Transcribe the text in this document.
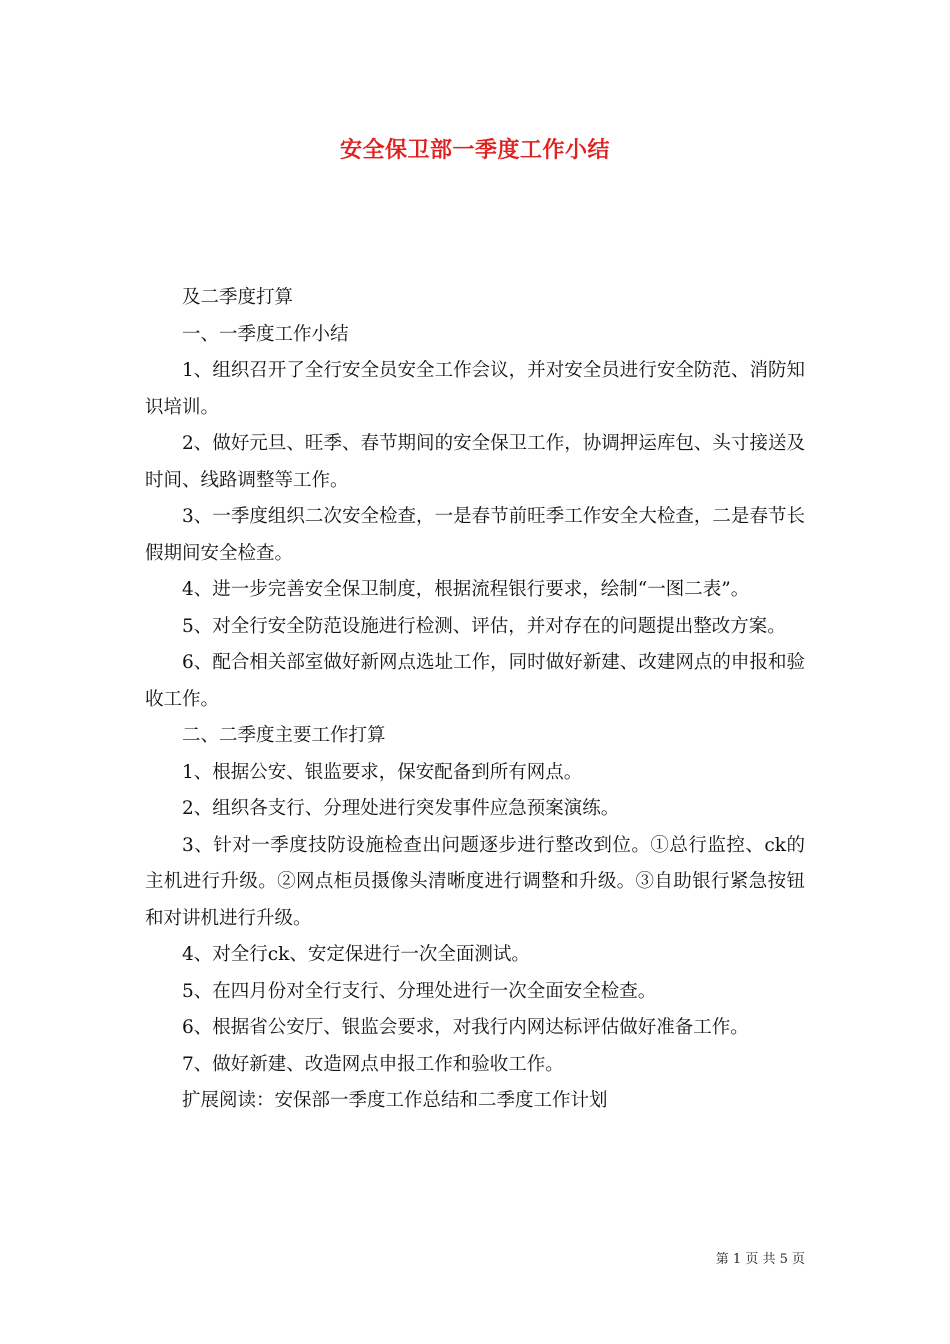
安全保卫部一季度工作小结

及二季度打算

一、一季度工作小结

1、组织召开了全行安全员安全工作会议，并对安全员进行安全防范、消防知识培训。

2、做好元旦、旺季、春节期间的安全保卫工作，协调押运库包、头寸接送及时间、线路调整等工作。

3、一季度组织二次安全检查，一是春节前旺季工作安全大检查，二是春节长假期间安全检查。

4、进一步完善安全保卫制度，根据流程银行要求，绘制“一图二表”。

5、对全行安全防范设施进行检测、评估，并对存在的问题提出整改方案。

6、配合相关部室做好新网点选址工作，同时做好新建、改建网点的申报和验收工作。

二、二季度主要工作打算

1、根据公安、银监要求，保安配备到所有网点。

2、组织各支行、分理处进行突发事件应急预案演练。

3、针对一季度技防设施检查出问题逐步进行整改到位。①总行监控、ck的主机进行升级。②网点柜员摄像头清晰度进行调整和升级。③自助银行紧急按钮和对讲机进行升级。

4、对全行ck、安定保进行一次全面测试。

5、在四月份对全行支行、分理处进行一次全面安全检查。

6、根据省公安厅、银监会要求，对我行内网达标评估做好准备工作。

7、做好新建、改造网点申报工作和验收工作。

扩展阅读：安保部一季度工作总结和二季度工作计划

第 1 页 共 5 页
